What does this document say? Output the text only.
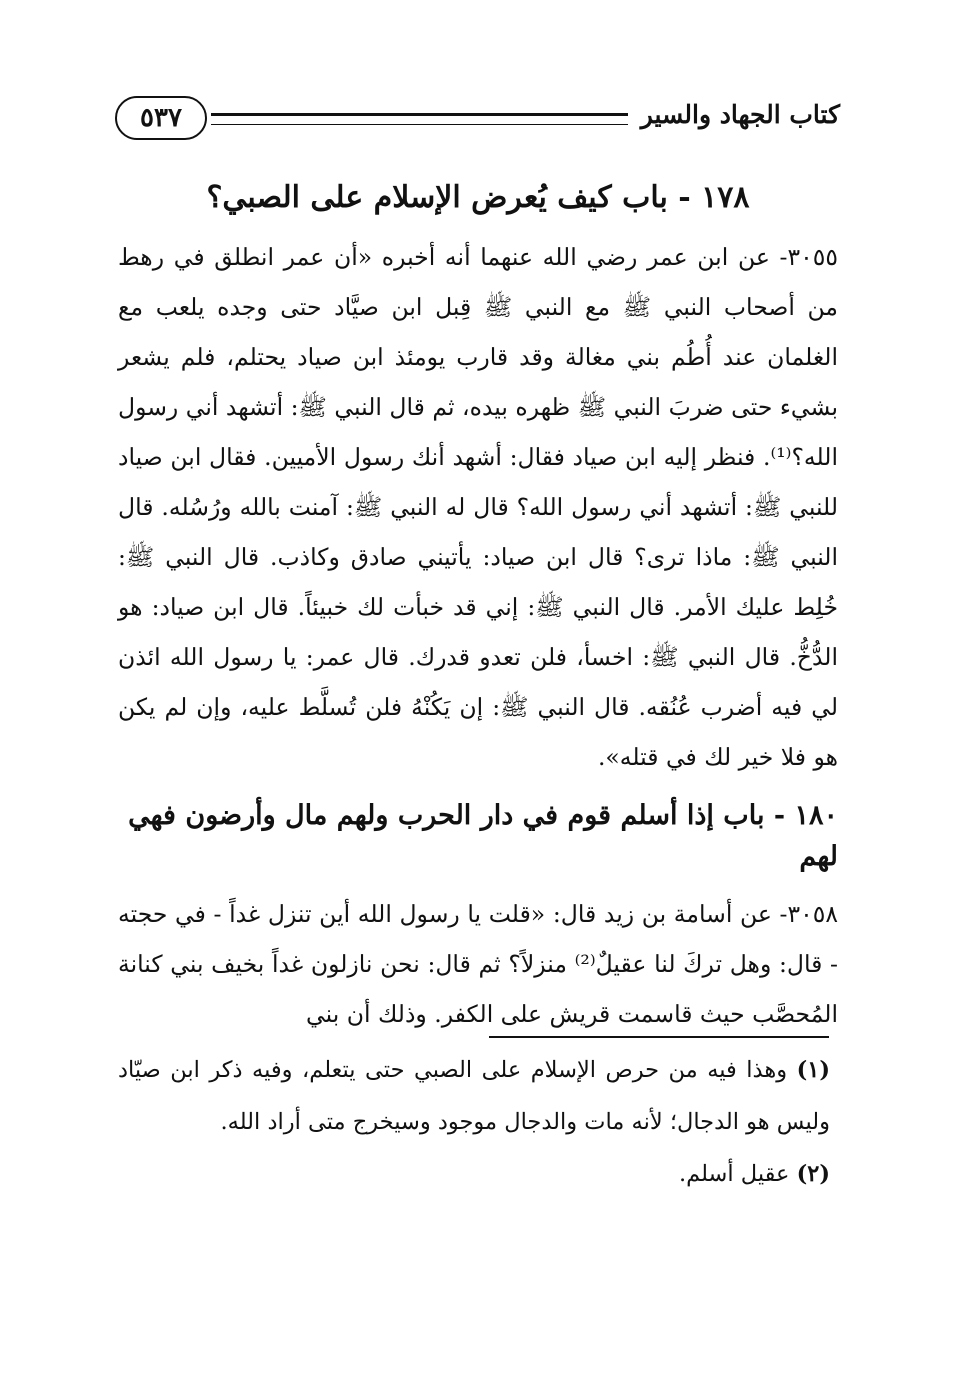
٥٣٧	كتاب الجهاد والسير
١٧٨ - باب كيف يُعرض الإسلام على الصبي؟

٣٠٥٥- عن ابن عمر رضي الله عنهما أنه أخبره «أن عمر انطلق في رهط من أصحاب النبي ﷺ مع النبي ﷺ قِبل ابن صيَّاد حتى وجده يلعب مع الغلمان عند أُطُم بني مغالة وقد قارب يومئذ ابن صياد يحتلم، فلم يشعر بشيء حتى ضربَ النبي ﷺ ظهره بيده، ثم قال النبي ﷺ: أتشهد أني رسول الله؟⁽¹⁾. فنظر إليه ابن صياد فقال: أشهد أنك رسول الأميين. فقال ابن صياد للنبي ﷺ: أتشهد أني رسول الله؟ قال له النبي ﷺ: آمنت بالله ورُسُله. قال النبي ﷺ: ماذا ترى؟ قال ابن صياد: يأتيني صادق وكاذب. قال النبي ﷺ: خُلِط عليك الأمر. قال النبي ﷺ: إني قد خبأت لك خبيئاً. قال ابن صياد: هو الدُّخُّ. قال النبي ﷺ: اخسأ، فلن تعدو قدرك. قال عمر: يا رسول الله ائذن لي فيه أضرب عُنُقه. قال النبي ﷺ: إن يَكُنْهُ فلن تُسلَّط عليه، وإن لم يكن هو فلا خير لك في قتله».

١٨٠ - باب إذا أسلم قوم في دار الحرب ولهم مال وأرضون فهي لهم

٣٠٥٨- عن أسامة بن زيد قال: «قلت يا رسول الله أين تنزل غداً - في حجته - قال: وهل تركَ لنا عقيلٌ⁽²⁾ منزلاً؟ ثم قال: نحن نازلون غداً بخيف بني كنانة المُحصَّب حيث قاسمت قريش على الكفر. وذلك أن بني

(١) وهذا فيه من حرص الإسلام على الصبي حتى يتعلم، وفيه ذكر ابن صيّاد وليس هو الدجال؛ لأنه مات والدجال موجود وسيخرج متى أراد الله.

(٢) عقيل أسلم.
